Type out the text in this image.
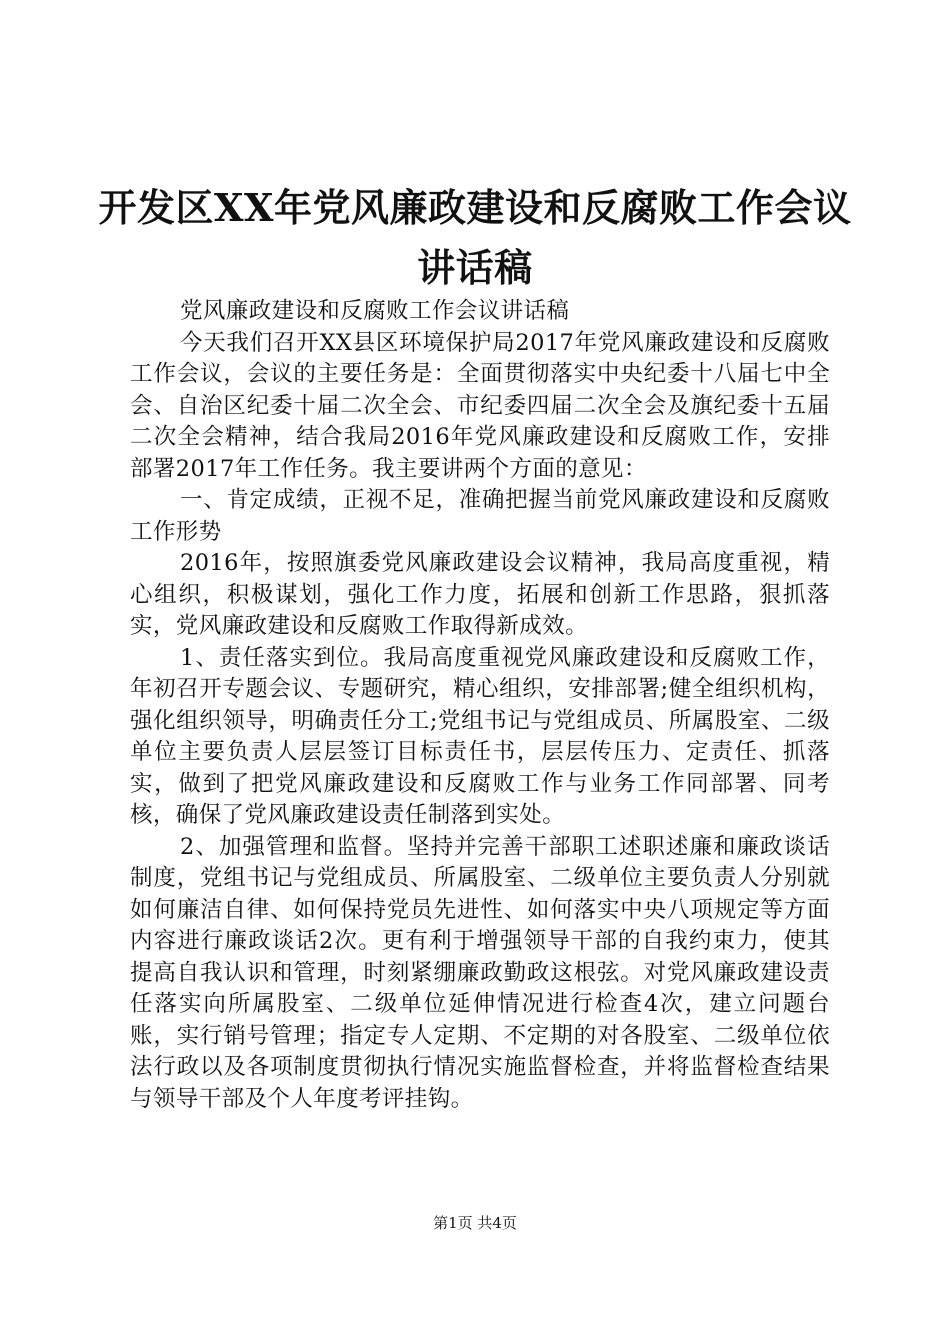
开发区XX年党风廉政建设和反腐败工作会议
讲话稿

党风廉政建设和反腐败工作会议讲话稿

今天我们召开XX县区环境保护局2017年党风廉政建设和反腐败工作会议，会议的主要任务是：全面贯彻落实中央纪委十八届七中全会、自治区纪委十届二次全会、市纪委四届二次全会及旗纪委十五届二次全会精神，结合我局2016年党风廉政建设和反腐败工作，安排部署2017年工作任务。我主要讲两个方面的意见：

一、肯定成绩，正视不足，准确把握当前党风廉政建设和反腐败工作形势

2016年，按照旗委党风廉政建设会议精神，我局高度重视，精心组织，积极谋划，强化工作力度，拓展和创新工作思路，狠抓落实，党风廉政建设和反腐败工作取得新成效。

1、责任落实到位。我局高度重视党风廉政建设和反腐败工作，年初召开专题会议、专题研究，精心组织，安排部署;健全组织机构，强化组织领导，明确责任分工;党组书记与党组成员、所属股室、二级单位主要负责人层层签订目标责任书，层层传压力、定责任、抓落实，做到了把党风廉政建设和反腐败工作与业务工作同部署、同考核，确保了党风廉政建设责任制落到实处。

2、加强管理和监督。坚持并完善干部职工述职述廉和廉政谈话制度，党组书记与党组成员、所属股室、二级单位主要负责人分别就如何廉洁自律、如何保持党员先进性、如何落实中央八项规定等方面内容进行廉政谈话2次。更有利于增强领导干部的自我约束力，使其提高自我认识和管理，时刻紧绷廉政勤政这根弦。对党风廉政建设责任落实向所属股室、二级单位延伸情况进行检查4次，建立问题台账，实行销号管理；指定专人定期、不定期的对各股室、二级单位依法行政以及各项制度贯彻执行情况实施监督检查，并将监督检查结果与领导干部及个人年度考评挂钩。

第1页 共4页
